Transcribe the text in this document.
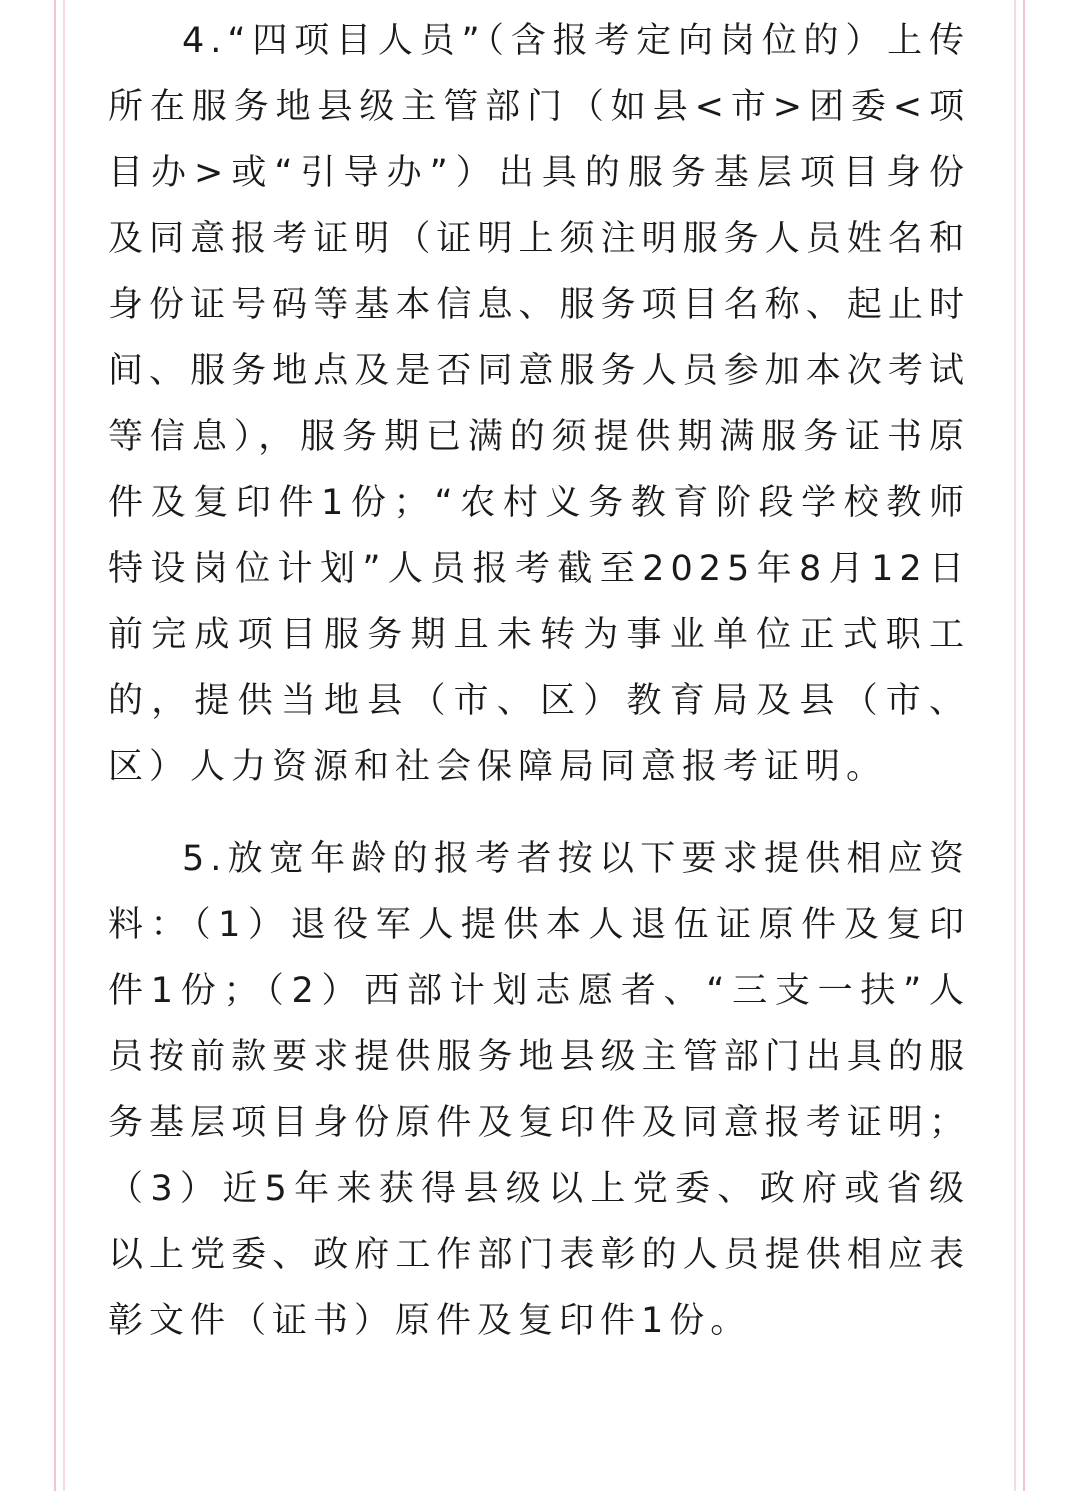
4.“四项目人员”（含报考定向岗位的）上传所在服务地县级主管部门（如县<市>团委<项目办>或“引导办”）出具的服务基层项目身份及同意报考证明（证明上须注明服务人员姓名和身份证号码等基本信息、服务项目名称、起止时间、服务地点及是否同意服务人员参加本次考试等信息），服务期已满的须提供期满服务证书原件及复印件1份；“农村义务教育阶段学校教师特设岗位计划”人员报考截至2025年8月12日前完成项目服务期且未转为事业单位正式职工的，提供当地县（市、区）教育局及县（市、区）人力资源和社会保障局同意报考证明。

5.放宽年龄的报考者按以下要求提供相应资料：（1）退役军人提供本人退伍证原件及复印件1份；（2）西部计划志愿者、“三支一扶”人员按前款要求提供服务地县级主管部门出具的服务基层项目身份原件及复印件及同意报考证明；（3）近5年来获得县级以上党委、政府或省级以上党委、政府工作部门表彰的人员提供相应表彰文件（证书）原件及复印件1份。
